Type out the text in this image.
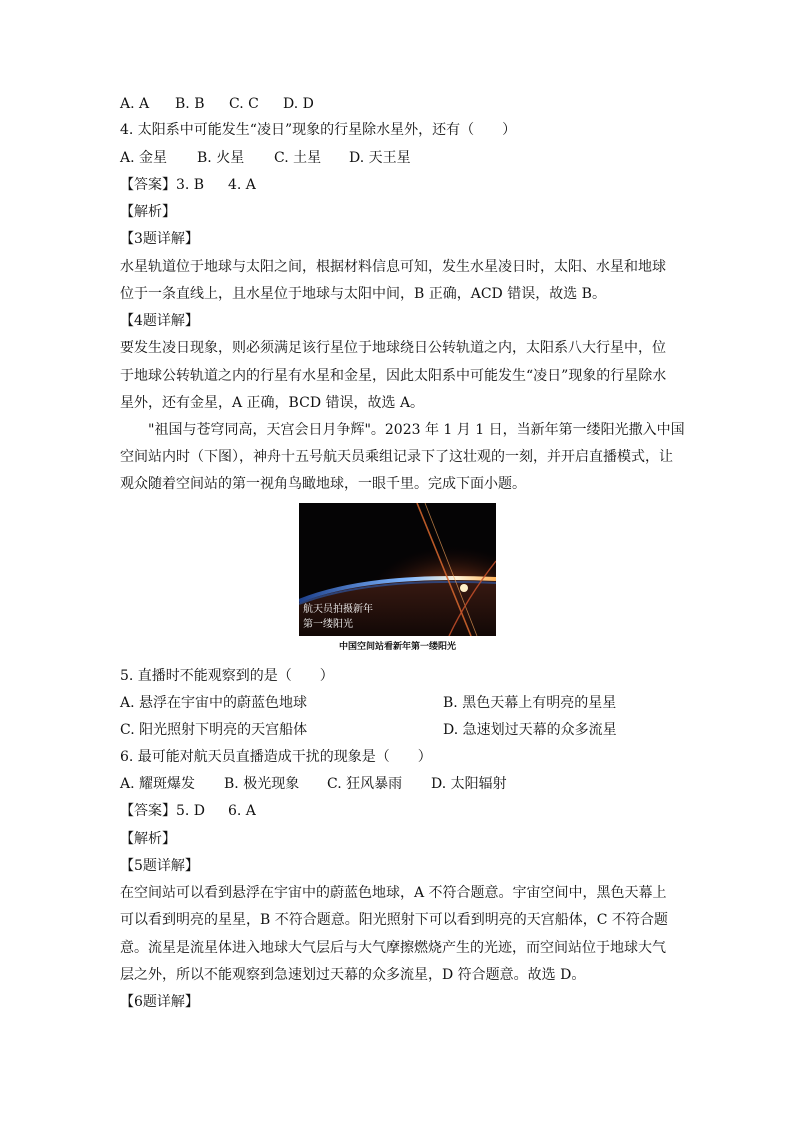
A. A B. B C. C D. D
4. 太阳系中可能发生“凌日”现象的行星除水星外，还有（　　）
A. 金星 B. 火星 C. 土星 D. 天王星
【答案】3. B 4. A
【解析】
【3题详解】
水星轨道位于地球与太阳之间，根据材料信息可知，发生水星凌日时，太阳、水星和地球
位于一条直线上，且水星位于地球与太阳中间，B 正确，ACD 错误，故选 B。
【4题详解】
要发生凌日现象，则必须满足该行星位于地球绕日公转轨道之内，太阳系八大行星中，位
于地球公转轨道之内的行星有水星和金星，因此太阳系中可能发生“凌日”现象的行星除水
星外，还有金星，A 正确，BCD 错误，故选 A。
"祖国与苍穹同高，天宫会日月争辉"。2023 年 1 月 1 日，当新年第一缕阳光撒入中国
空间站内时（下图），神舟十五号航天员乘组记录下了这壮观的一刻，并开启直播模式，让
观众随着空间站的第一视角鸟瞰地球，一眼千里。完成下面小题。
航天员拍摄新年
第一缕阳光
中国空间站看新年第一缕阳光
5. 直播时不能观察到的是（　　）
A. 悬浮在宇宙中的蔚蓝色地球	B. 黑色天幕上有明亮的星星
C. 阳光照射下明亮的天宫船体	D. 急速划过天幕的众多流星
6. 最可能对航天员直播造成干扰的现象是（　　）
A. 耀斑爆发 B. 极光现象 C. 狂风暴雨 D. 太阳辐射
【答案】5. D 6. A
【解析】
【5题详解】
在空间站可以看到悬浮在宇宙中的蔚蓝色地球，A 不符合题意。宇宙空间中，黑色天幕上
可以看到明亮的星星，B 不符合题意。阳光照射下可以看到明亮的天宫船体，C 不符合题
意。流星是流星体进入地球大气层后与大气摩擦燃烧产生的光迹，而空间站位于地球大气
层之外，所以不能观察到急速划过天幕的众多流星，D 符合题意。故选 D。
【6题详解】
